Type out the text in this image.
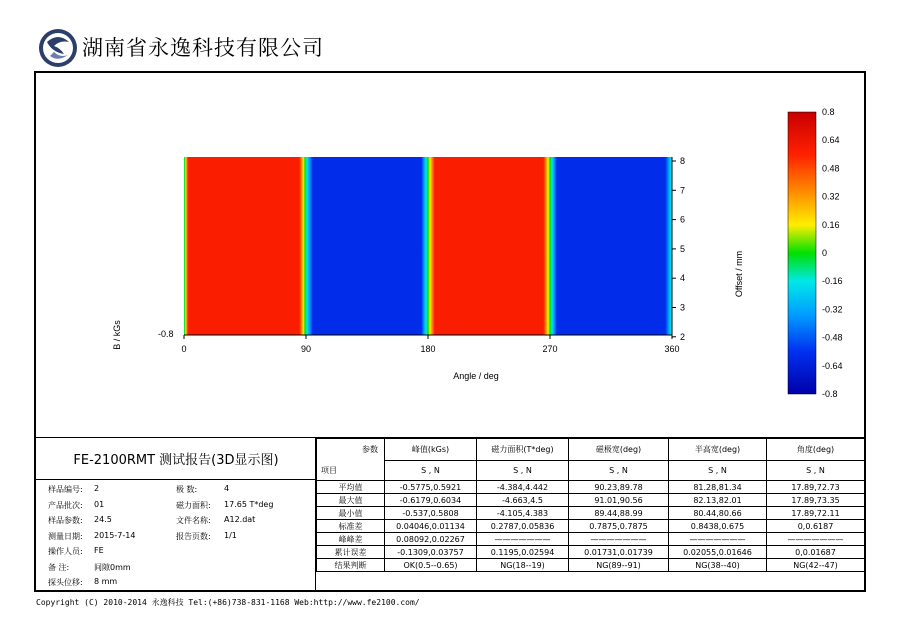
湖南省永逸科技有限公司
0	90	180	270	360
8
7
6
5
4
3
2
-0.8
Angle / deg
B / kGs
Offset / mm
0.8
0.64
0.48
0.32
0.16
0
-0.16
-0.32
-0.48
-0.64
-0.8
FE-2100RMT 测试报告(3D显示图)
样品编号: 2
产品批次: 01
样品参数: 24.5
测量日期: 2015-7-14
操作人员: FE
备 注:	间隙0mm
探头位移: 8 mm
极 数:	4
磁力面积: 17.65 T*deg
文件名称: A12.dat
报告页数: 1/1
参数	峰值(kGs)	磁力面积(T*deg)	磁极宽(deg)	半高宽(deg)	角度(deg)
项目	S , N	S , N	S , N	S , N	S , N
平均值	-0.5775,0.5921	-4.384,4.442	90.23,89.78	81.28,81.34	17.89,72.73
最大值	-0.6179,0.6034	-4.663,4.5	91.01,90.56	82.13,82.01	17.89,73.35
最小值	-0.537,0.5808	-4.105,4.383	89.44,88.99	80.44,80.66	17.89,72.11
标准差	0.04046,0.01134	0.2787,0.05836	0.7875,0.7875	0.8438,0.675	0,0.6187
峰峰差	0.08092,0.02267	———————	———————	———————	———————
累计误差	-0.1309,0.03757	0.1195,0.02594	0.01731,0.01739	0.02055,0.01646	0,0.01687
结果判断	OK(0.5--0.65)	NG(18--19)	NG(89--91)	NG(38--40)	NG(42--47)
Copyright (C) 2010-2014 永逸科技 Tel:(+86)738-831-1168 Web:http://www.fe2100.com/
